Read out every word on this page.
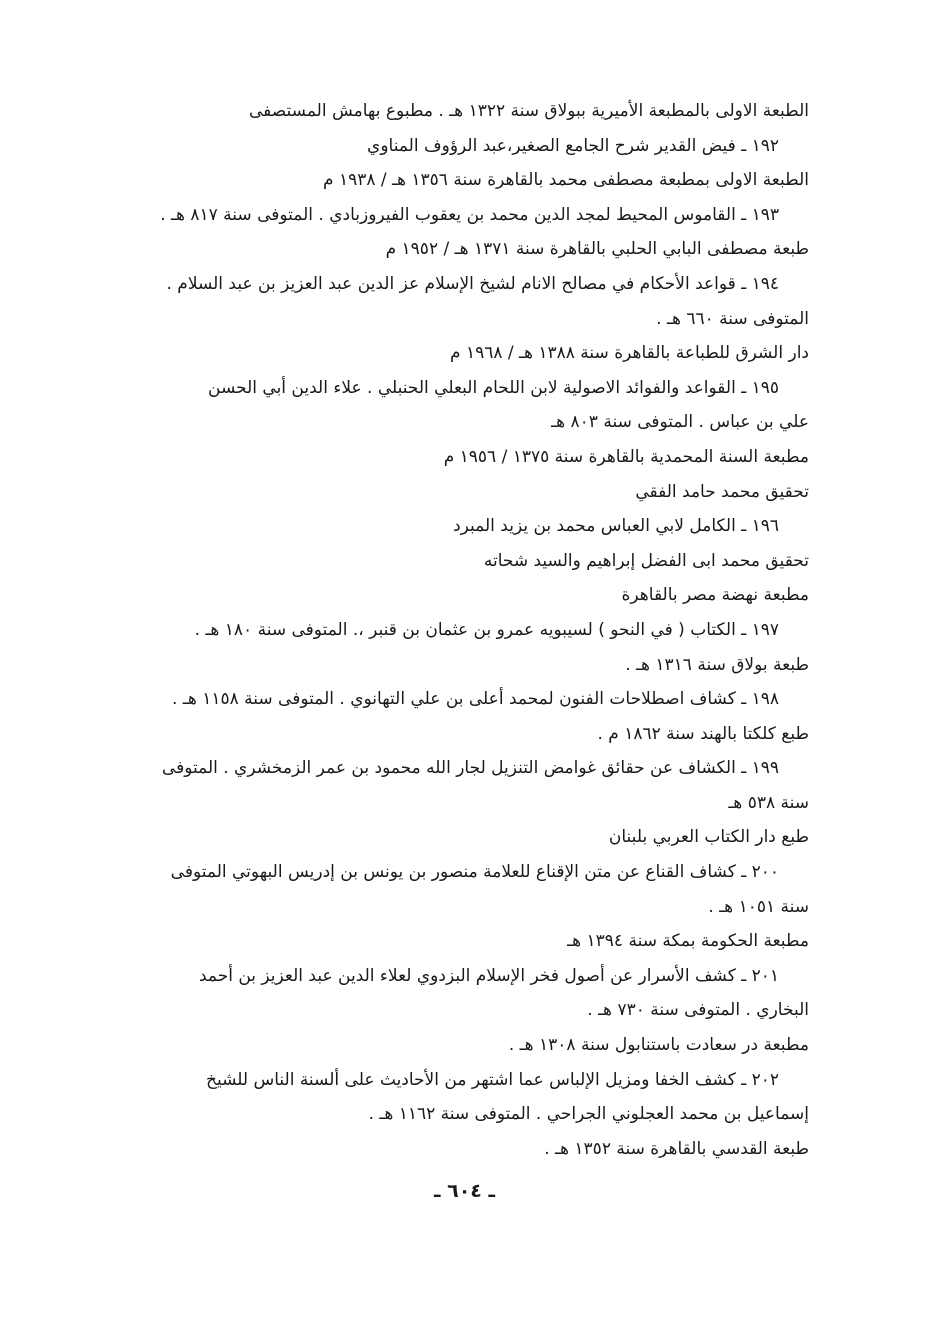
الطبعة الاولى بالمطبعة الأميرية ببولاق سنة ١٣٢٢ هـ . مطبوع بهامش المستصفى
١٩٢ ـ فيض القدير شرح الجامع الصغير،عبد الرؤوف المناوي
الطبعة الاولى بمطبعة مصطفى محمد بالقاهرة سنة ١٣٥٦ هـ / ١٩٣٨ م
١٩٣ ـ القاموس المحيط لمجد الدين محمد بن يعقوب الفيروزبادي . المتوفى سنة ٨١٧ هـ .
طبعة مصطفى البابي الحلبي بالقاهرة سنة ١٣٧١ هـ / ١٩٥٢ م
١٩٤ ـ قواعد الأحكام في مصالح الانام لشيخ الإسلام عز الدين عبد العزيز بن عبد السلام .
المتوفى سنة ٦٦٠ هـ .
دار الشرق للطباعة بالقاهرة سنة ١٣٨٨ هـ / ١٩٦٨ م
١٩٥ ـ القواعد والفوائد الاصولية لابن اللحام البعلي الحنبلي . علاء الدين أبي الحسن
علي بن عباس . المتوفى سنة ٨٠٣ هـ
مطبعة السنة المحمدية بالقاهرة سنة ١٣٧٥ / ١٩٥٦ م
تحقيق محمد حامد الفقي
١٩٦ ـ الكامل لابي العباس محمد بن يزيد المبرد
تحقيق محمد ابى الفضل إبراهيم والسيد شحاته
مطبعة نهضة مصر بالقاهرة
١٩٧ ـ الكتاب ( في النحو ) لسيبويه عمرو بن عثمان بن قنبر ،. المتوفى سنة ١٨٠ هـ .
طبعة بولاق سنة ١٣١٦ هـ .
١٩٨ ـ كشاف اصطلاحات الفنون لمحمد أعلى بن علي التهانوي . المتوفى سنة ١١٥٨ هـ .
طبع كلكتا بالهند سنة ١٨٦٢ م .
١٩٩ ـ الكشاف عن حقائق غوامض التنزيل لجار الله محمود بن عمر الزمخشري . المتوفى
سنة ٥٣٨ هـ
طبع دار الكتاب العربي بلبنان
٢٠٠ ـ كشاف القناع عن متن الإقناع للعلامة منصور بن يونس بن إدريس البهوتي المتوفى
سنة ١٠٥١ هـ .
مطبعة الحكومة بمكة سنة ١٣٩٤ هـ
٢٠١ ـ كشف الأسرار عن أصول فخر الإسلام البزدوي لعلاء الدين عبد العزيز بن أحمد
البخاري . المتوفى سنة ٧٣٠ هـ .
مطبعة در سعادت باستنابول سنة ١٣٠٨ هـ .
٢٠٢ ـ كشف الخفا ومزيل الإلباس عما اشتهر من الأحاديث على ألسنة الناس للشيخ
إسماعيل بن محمد العجلوني الجراحي . المتوفى سنة ١١٦٢ هـ .
طبعة القدسي بالقاهرة سنة ١٣٥٢ هـ .
ـ ٦٠٤ ـ
